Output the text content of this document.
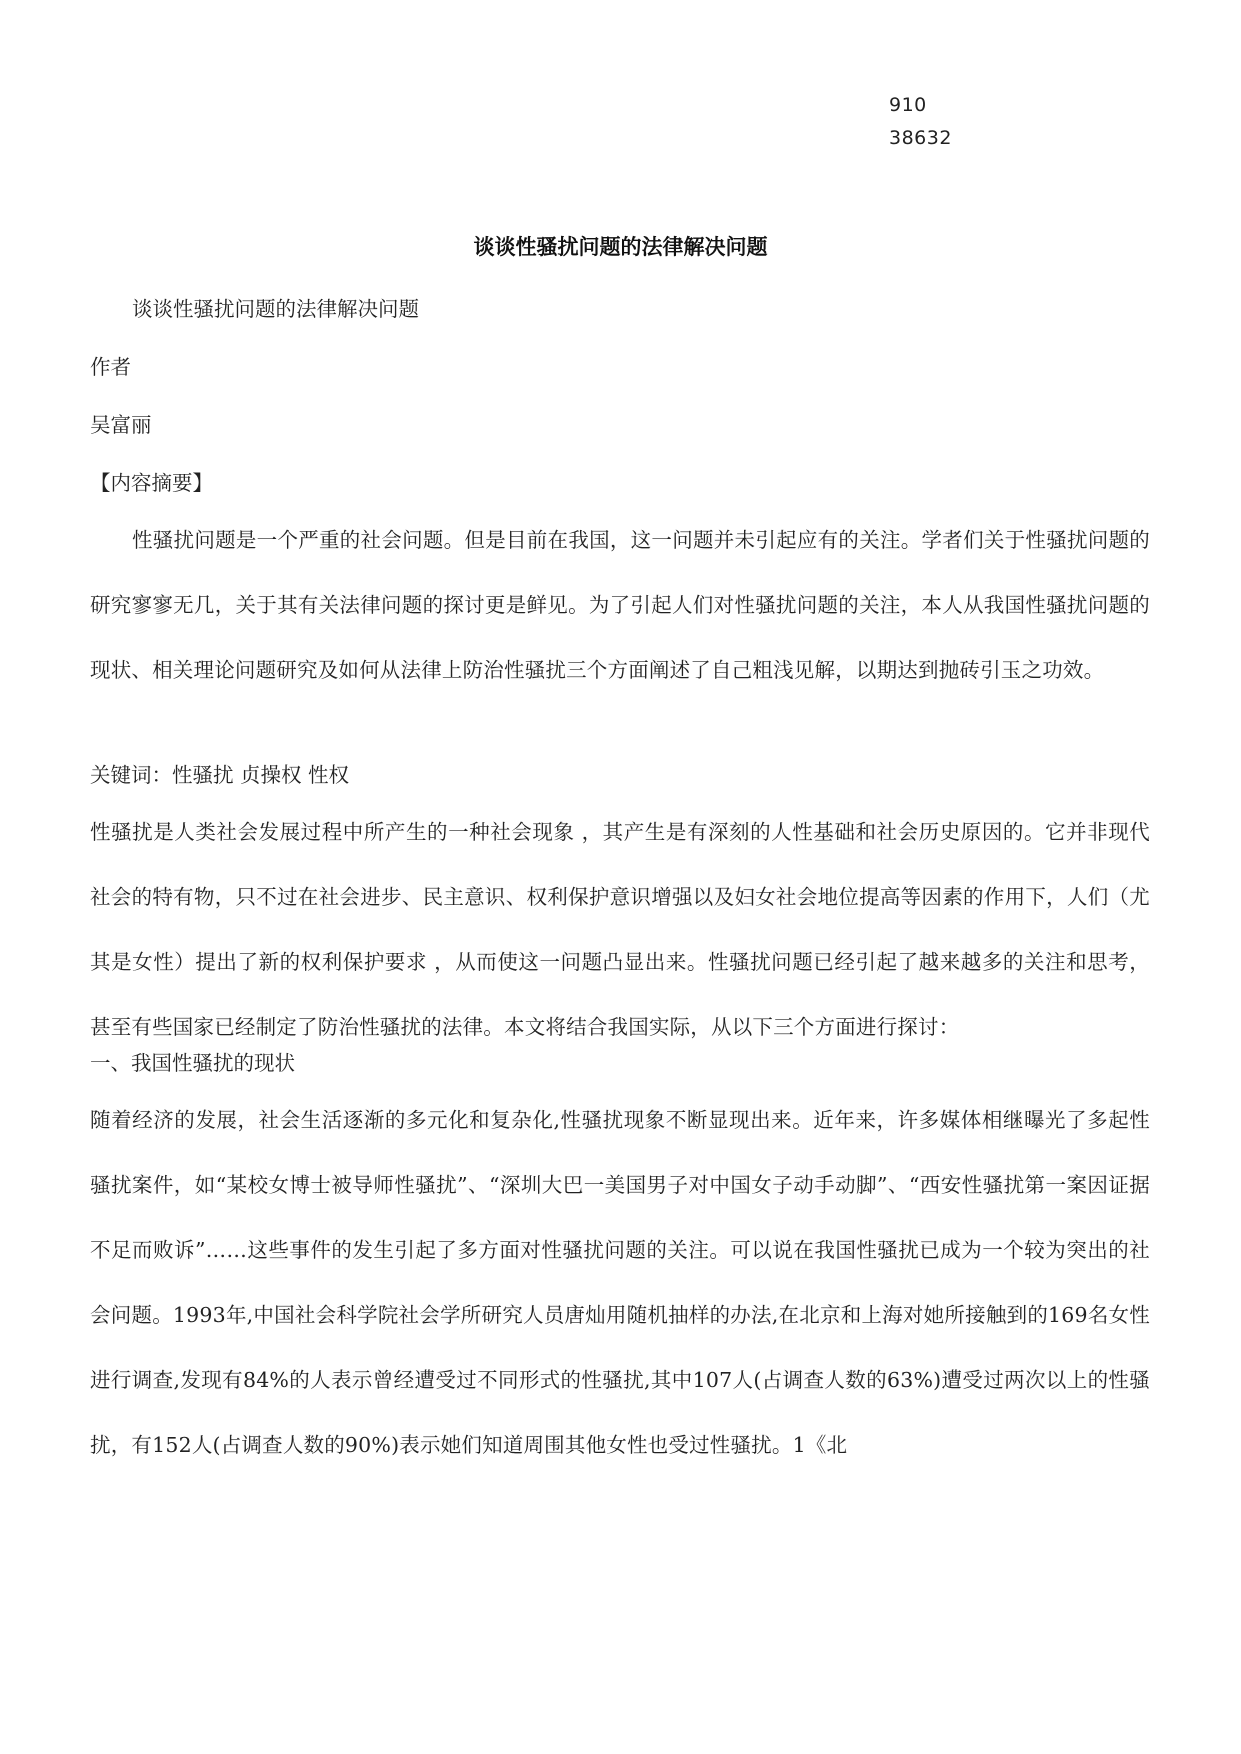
910
38632
谈谈性骚扰问题的法律解决问题
谈谈性骚扰问题的法律解决问题
作者
吴富丽
【内容摘要】
性骚扰问题是一个严重的社会问题。但是目前在我国，这一问题并未引起应有的关注。学者们关于性骚扰问题的研究寥寥无几，关于其有关法律问题的探讨更是鲜见。为了引起人们对性骚扰问题的关注，本人从我国性骚扰问题的现状、相关理论问题研究及如何从法律上防治性骚扰三个方面阐述了自己粗浅见解，以期达到抛砖引玉之功效。
关键词：性骚扰 贞操权 性权
性骚扰是人类社会发展过程中所产生的一种社会现象 ，其产生是有深刻的人性基础和社会历史原因的。它并非现代社会的特有物，只不过在社会进步、民主意识、权利保护意识增强以及妇女社会地位提高等因素的作用下，人们（尤其是女性）提出了新的权利保护要求 ，从而使这一问题凸显出来。性骚扰问题已经引起了越来越多的关注和思考，甚至有些国家已经制定了防治性骚扰的法律。本文将结合我国实际，从以下三个方面进行探讨：
一、我国性骚扰的现状
随着经济的发展，社会生活逐渐的多元化和复杂化,性骚扰现象不断显现出来。近年来，许多媒体相继曝光了多起性骚扰案件，如“某校女博士被导师性骚扰”、“深圳大巴一美国男子对中国女子动手动脚”、“西安性骚扰第一案因证据不足而败诉”……这些事件的发生引起了多方面对性骚扰问题的关注。可以说在我国性骚扰已成为一个较为突出的社会问题。1993年,中国社会科学院社会学所研究人员唐灿用随机抽样的办法,在北京和上海对她所接触到的169名女性进行调查,发现有84%的人表示曾经遭受过不同形式的性骚扰,其中107人(占调查人数的63%)遭受过两次以上的性骚扰，有152人(占调查人数的90%)表示她们知道周围其他女性也受过性骚扰。1《北
